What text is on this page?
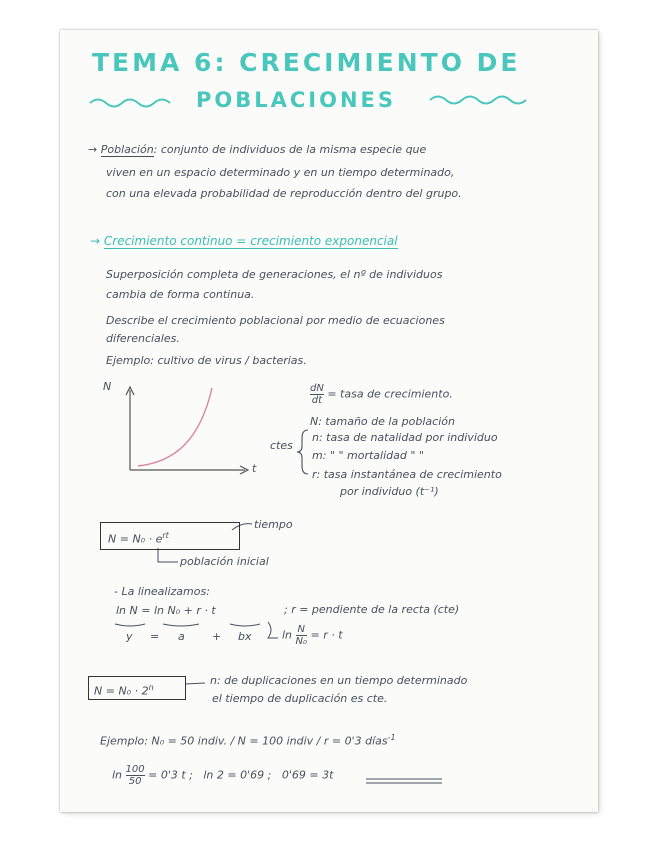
TEMA 6: CRECIMIENTO DE
POBLACIONES
→ Población: conjunto de individuos de la misma especie que
viven en un espacio determinado y en un tiempo determinado,
con una elevada probabilidad de reproducción dentro del grupo.
→ Crecimiento continuo = crecimiento exponencial
Superposición completa de generaciones, el nº de individuos
cambia de forma continua.
Describe el crecimiento poblacional por medio de ecuaciones
diferenciales.
Ejemplo: cultivo de virus / bacterias.
N
t
$\frac{dN}{dt}$ = tasa de crecimiento.
N: tamaño de la población
ctes
n: tasa de natalidad por individuo
m: " " mortalidad " "
r: tasa instantánea de crecimiento
por individuo (t⁻¹)
$N = N_0 \cdot e^{rt}$
tiempo
población inicial
- La linealizamos:
ln N = ln N₀ + r · t	; r = pendiente de la recta (cte)
y = a + bx	$\ln \frac{N}{\text{N₀}} = r \cdot t$
$N = N_0 \cdot 2^n$
n: de duplicaciones en un tiempo determinado
el tiempo de duplicación es cte.
Ejemplo: N₀ = 50 indiv. / N = 100 indiv / r = 0'3 días$^{-1}$
$\ln \frac{100}{50} = 0'3$ t ; ln 2 = 0'69 ; 0'69 = 3t
